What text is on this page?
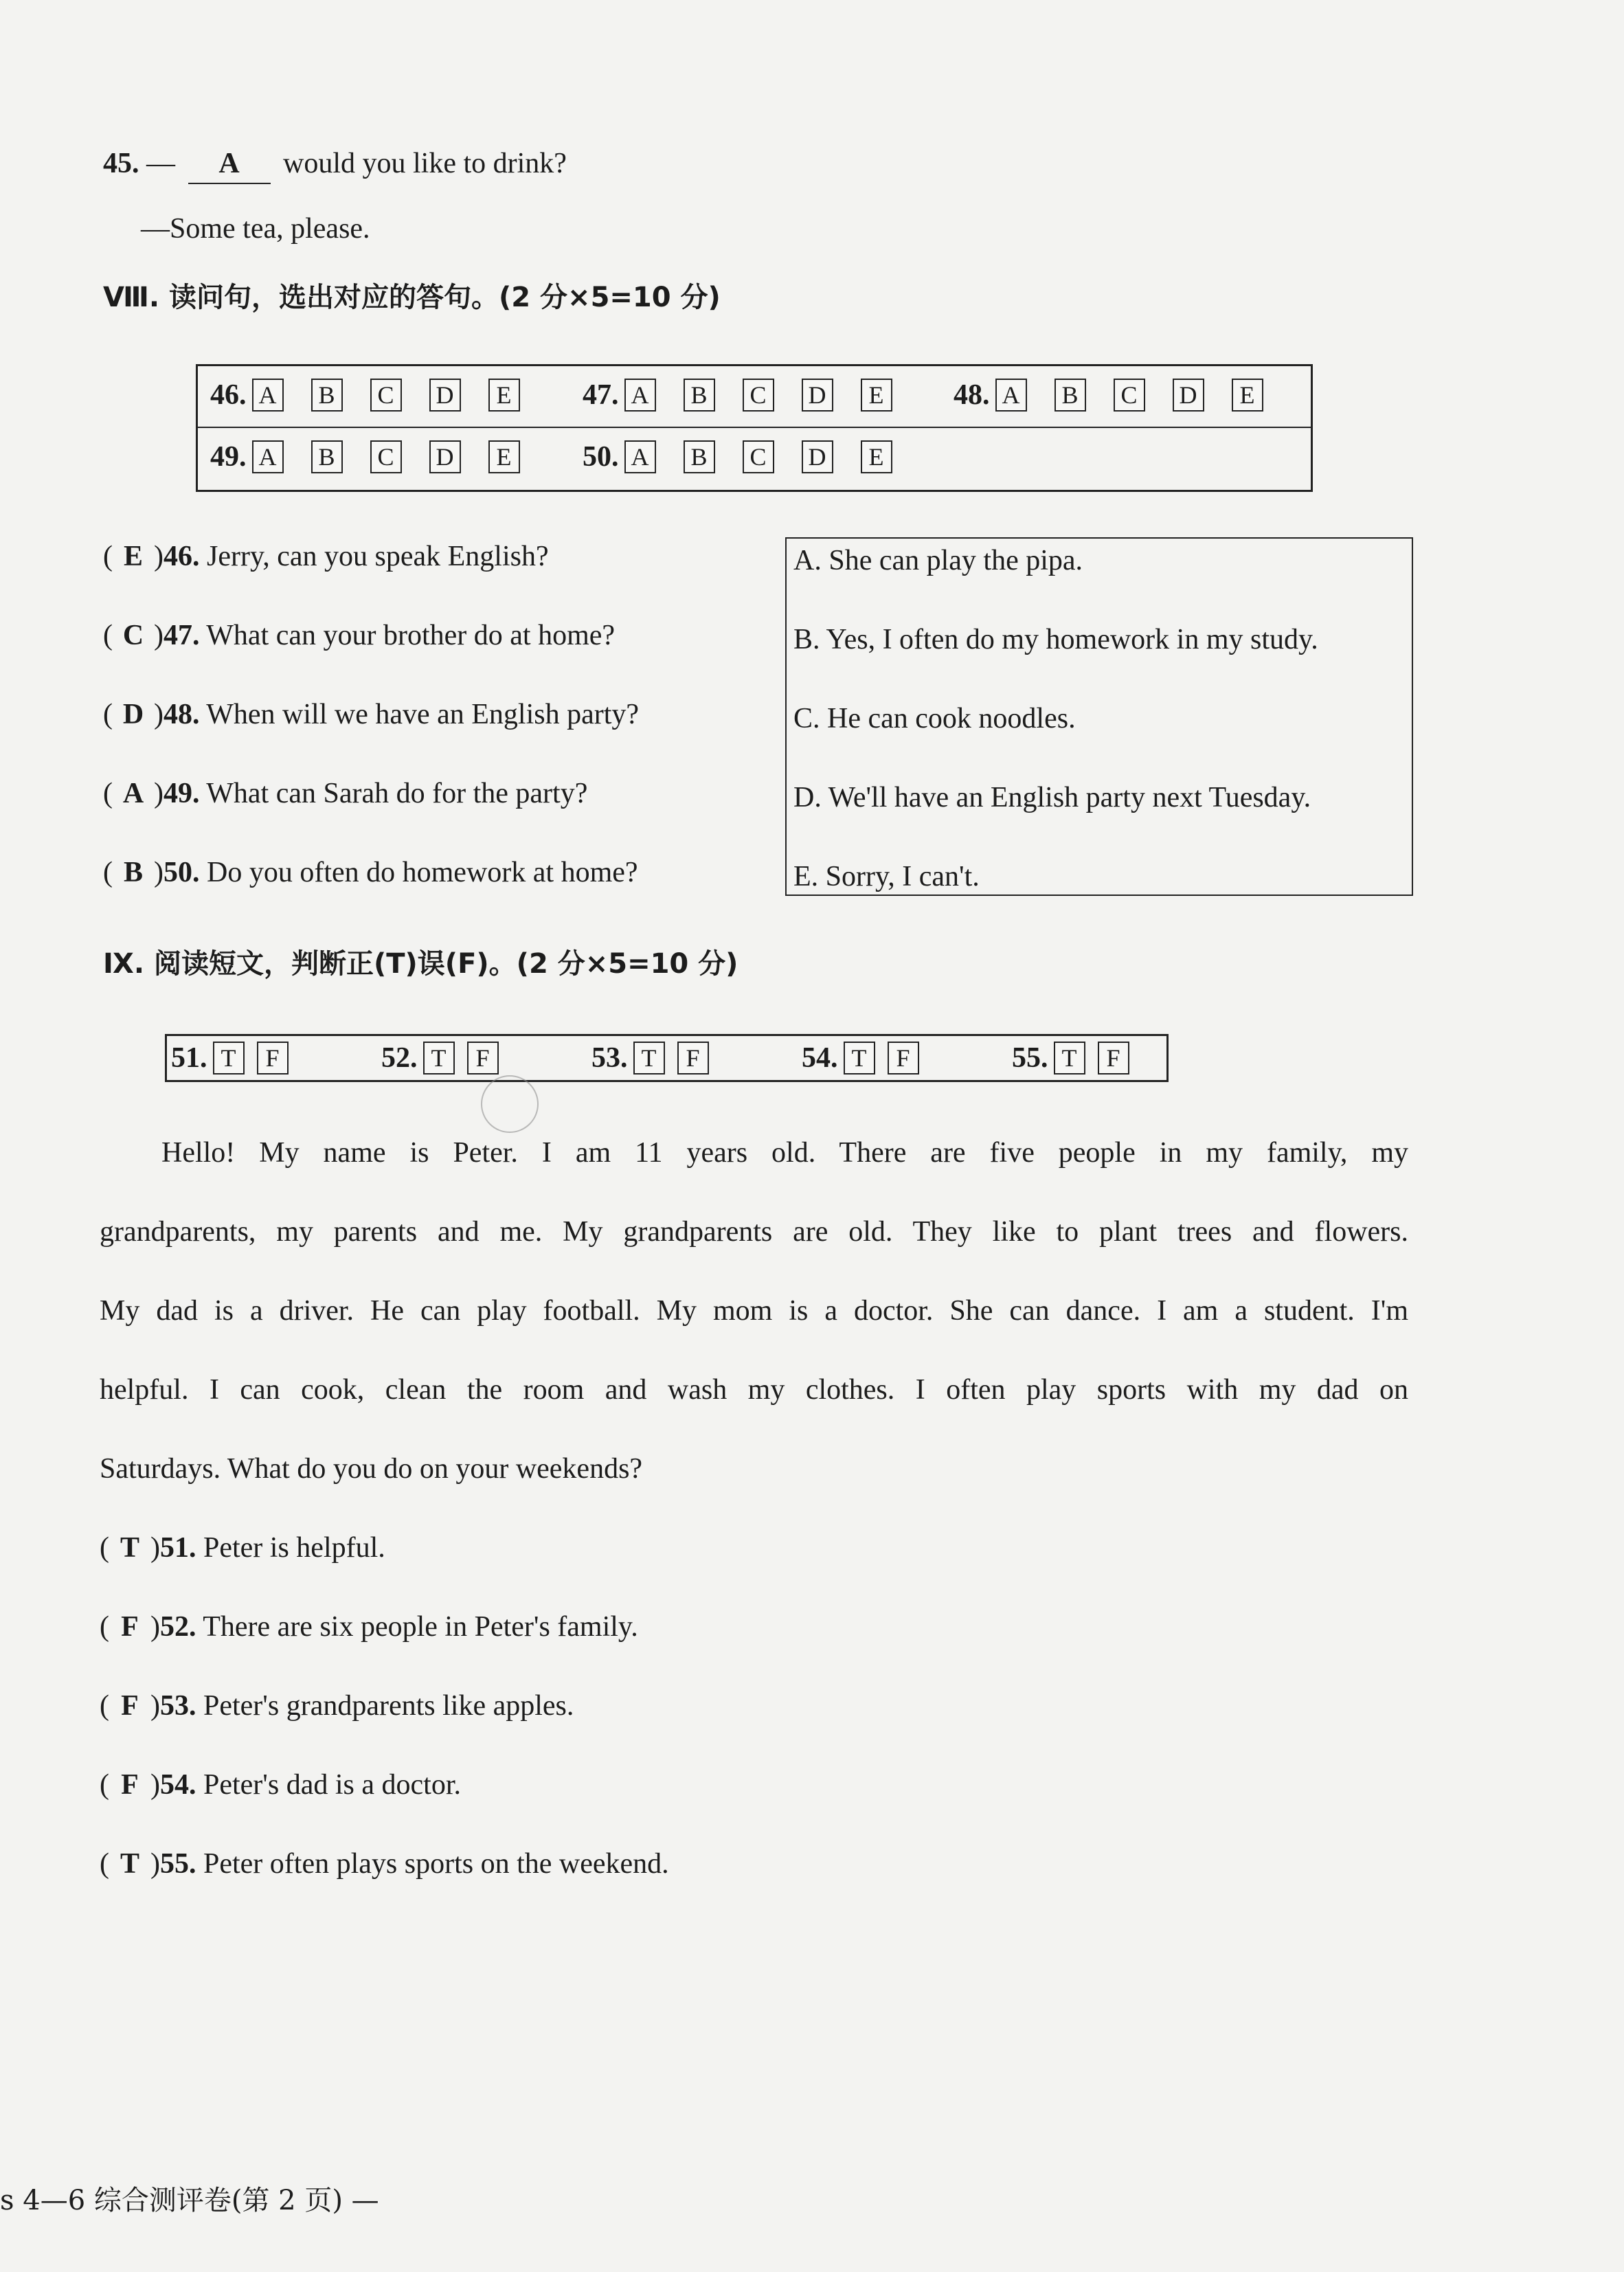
45. — A would you like to drink?
—Some tea, please.
Ⅷ. 读问句，选出对应的答句。(2 分×5=10 分)
46. A	B	C	D	E 47. A	B	C	D	E 48. A	B	C	D	E
49. A	B	C	D	E 50. A	B	C	D	E
( E )46. Jerry, can you speak English?
( C )47. What can your brother do at home?
( D )48. When will we have an English party?
( A )49. What can Sarah do for the party?
( B )50. Do you often do homework at home?
A. She can play the pipa.
B. Yes, I often do my homework in my study.
C. He can cook noodles.
D. We'll have an English party next Tuesday.
E. Sorry, I can't.
Ⅸ. 阅读短文，判断正(T)误(F)。(2 分×5=10 分)
51. T	F	52. T	F	53. T	F	54. T	F	55. T	F
Hello! My name is Peter. I am 11 years old. There are five people in my family, my
grandparents, my parents and me. My grandparents are old. They like to plant trees and flowers.
My dad is a driver. He can play football. My mom is a doctor. She can dance. I am a student. I'm
helpful. I can cook, clean the room and wash my clothes. I often play sports with my dad on
Saturdays. What do you do on your weekends?
( T )51. Peter is helpful.
( F )52. There are six people in Peter's family.
( F )53. Peter's grandparents like apples.
( F )54. Peter's dad is a doctor.
( T )55. Peter often plays sports on the weekend.
s 4—6 综合测评卷(第 2 页) —
